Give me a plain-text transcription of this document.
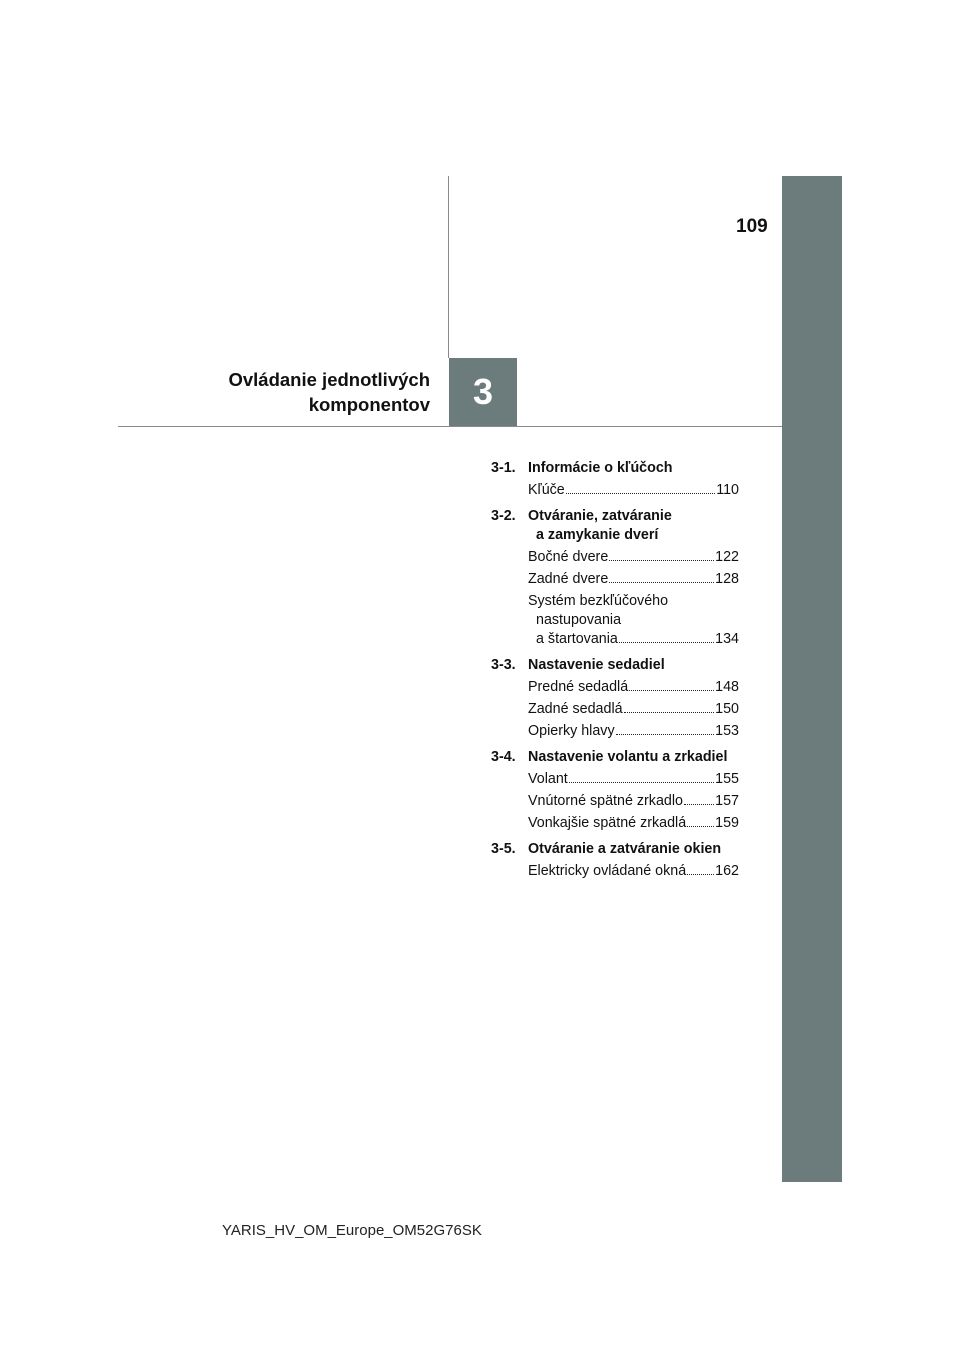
109
Ovládanie jednotlivých
komponentov 3
3-1. Informácie o kľúčoch
Kľúče	110
3-2. Otváranie, zatváranie
a zamykanie dverí
Bočné dvere	122
Zadné dvere	128
Systém bezkľúčového
nastupovania
a štartovania	134
3-3. Nastavenie sedadiel
Predné sedadlá	148
Zadné sedadlá	150
Opierky hlavy	153
3-4. Nastavenie volantu a zrkadiel
Volant	155
Vnútorné spätné zrkadlo 157
Vonkajšie spätné zrkadlá 159
3-5. Otváranie a zatváranie okien
Elektricky ovládané okná 162
YARIS_HV_OM_Europe_OM52G76SK
